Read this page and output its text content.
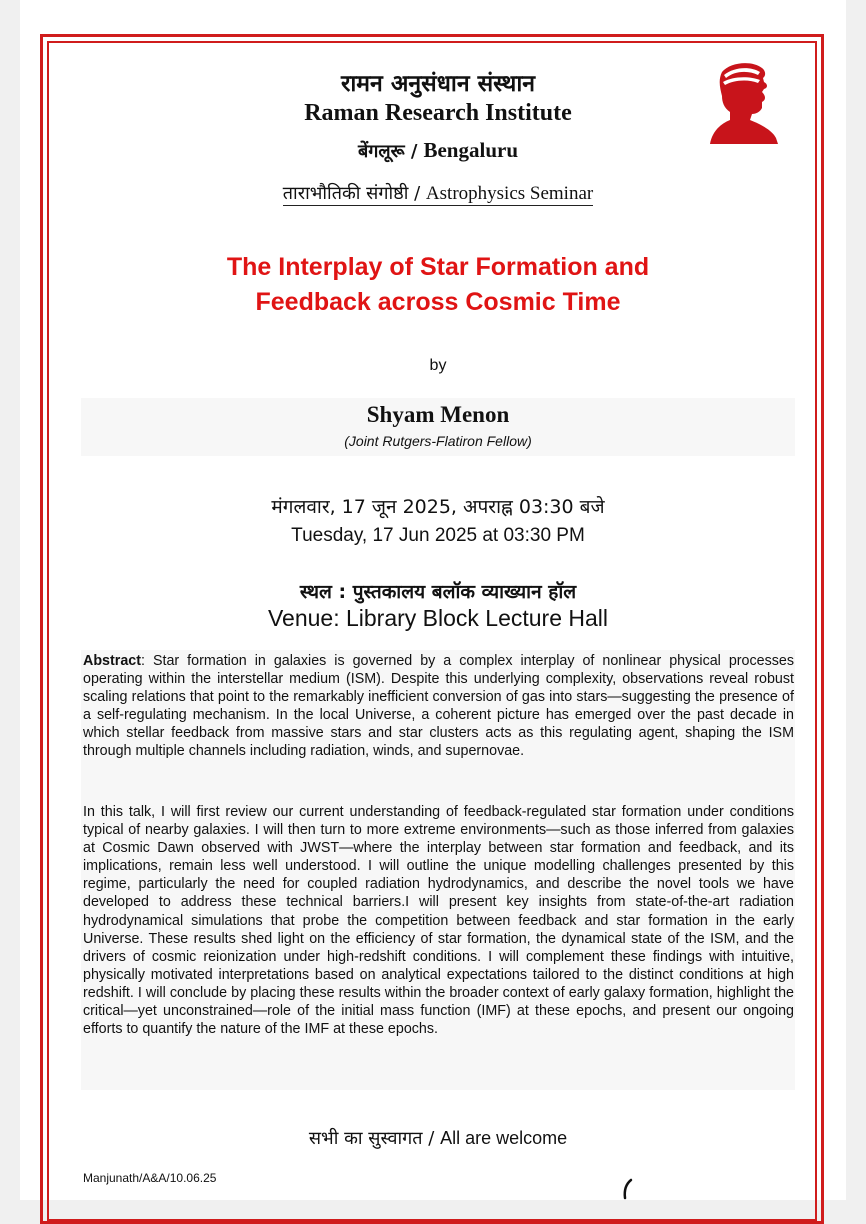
रामन अनुसंधान संस्थान
Raman Research Institute
बेंगलूरू / Bengaluru
ताराभौतिकी संगोष्ठी / Astrophysics Seminar
The Interplay of Star Formation and
Feedback across Cosmic Time
by
Shyam Menon
(Joint Rutgers-Flatiron Fellow)
मंगलवार, 17 जून 2025, अपराह्न 03:30 बजे
Tuesday, 17 Jun 2025 at 03:30 PM
स्थल : पुस्तकालय बलॉक व्याख्यान हॉल
Venue: Library Block Lecture Hall

Abstract: Star formation in galaxies is governed by a complex interplay of nonlinear physical processes operating within the interstellar medium (ISM). Despite this underlying complexity, observations reveal robust scaling relations that point to the remarkably inefficient conversion of gas into stars—suggesting the presence of a self-regulating mechanism. In the local Universe, a coherent picture has emerged over the past decade in which stellar feedback from massive stars and star clusters acts as this regulating agent, shaping the ISM through multiple channels including radiation, winds, and supernovae.

In this talk, I will first review our current understanding of feedback-regulated star formation under conditions typical of nearby galaxies. I will then turn to more extreme environments—such as those inferred from galaxies at Cosmic Dawn observed with JWST—where the interplay between star formation and feedback, and its implications, remain less well understood. I will outline the unique modelling challenges presented by this regime, particularly the need for coupled radiation hydrodynamics, and describe the novel tools we have developed to address these technical barriers.I will present key insights from state-of-the-art radiation hydrodynamical simulations that probe the competition between feedback and star formation in the early Universe. These results shed light on the efficiency of star formation, the dynamical state of the ISM, and the drivers of cosmic reionization under high-redshift conditions. I will complement these findings with intuitive, physically motivated interpretations based on analytical expectations tailored to the distinct conditions at high redshift. I will conclude by placing these results within the broader context of early galaxy formation, highlight the critical—yet unconstrained—role of the initial mass function (IMF) at these epochs, and present our ongoing efforts to quantify the nature of the IMF at these epochs.

सभी का सुस्वागत / All are welcome
Manjunath/A&A/10.06.25
